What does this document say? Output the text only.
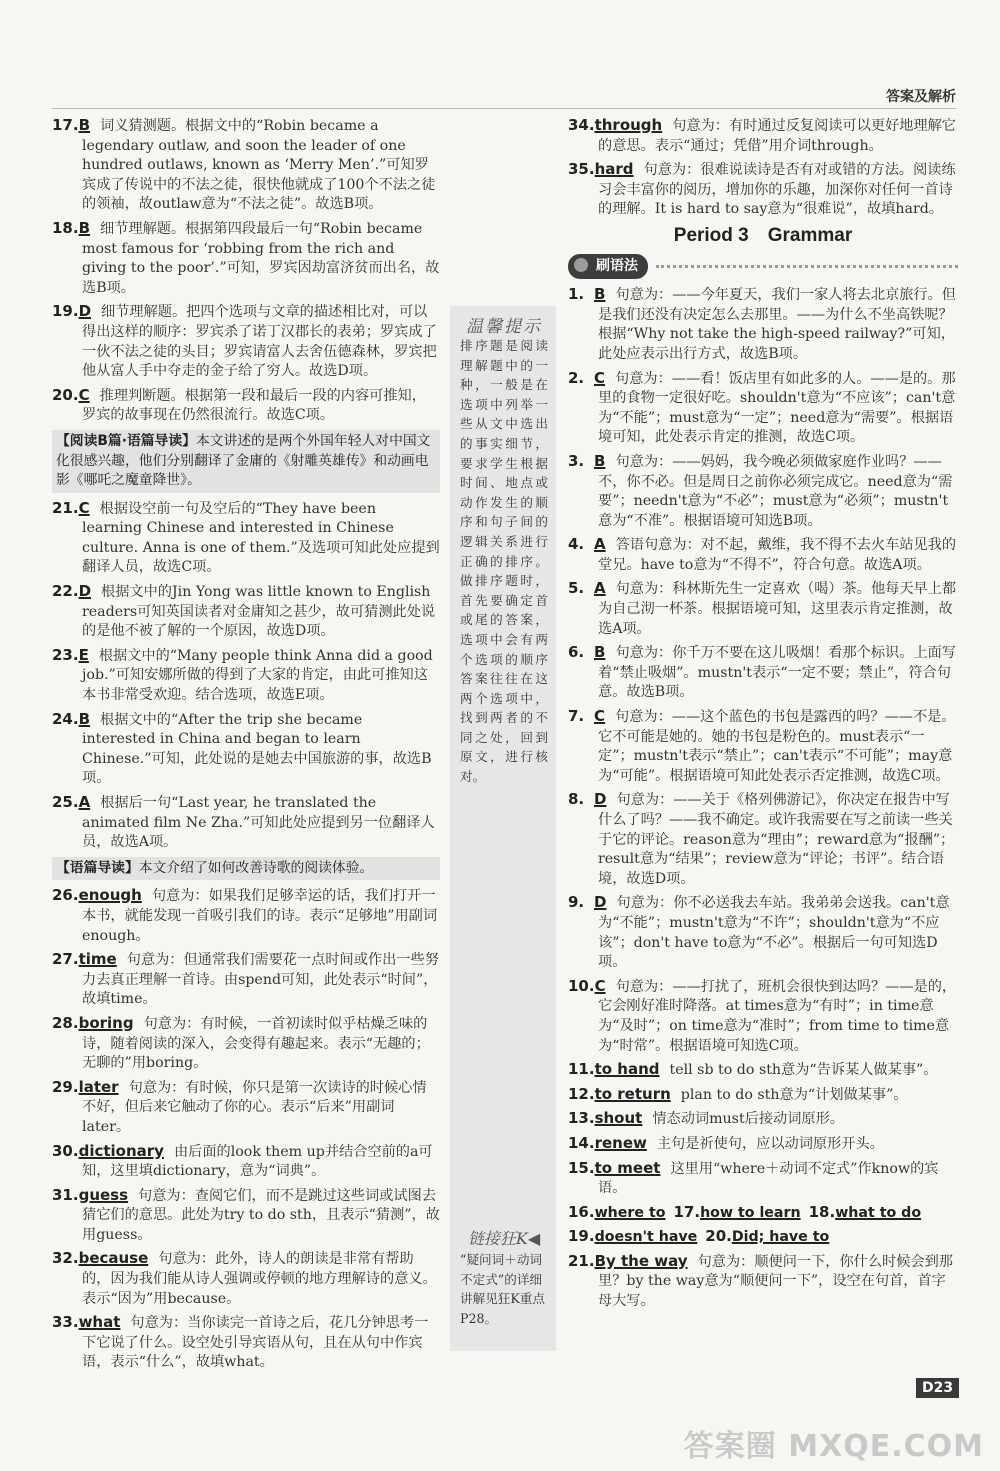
答案及解析
17.B 词义猜测题。根据文中的“Robin became a legendary outlaw, and soon the leader of one hundred outlaws, known as ‘Merry Men’.”可知罗宾成了传说中的不法之徒，很快他就成了100个不法之徒的领袖，故outlaw意为“不法之徒”。故选B项。
18.B 细节理解题。根据第四段最后一句“Robin became most famous for ‘robbing from the rich and giving to the poor’.”可知，罗宾因劫富济贫而出名，故选B项。
19.D 细节理解题。把四个选项与文章的描述相比对，可以得出这样的顺序：罗宾杀了诺丁汉郡长的表弟；罗宾成了一伙不法之徒的头目；罗宾请富人去舍伍德森林，罗宾把他从富人手中夺走的金子给了穷人。故选D项。
20.C 推理判断题。根据第一段和最后一段的内容可推知，罗宾的故事现在仍然很流行。故选C项。
【阅读B篇·语篇导读】本文讲述的是两个外国年轻人对中国文化很感兴趣，他们分别翻译了金庸的《射雕英雄传》和动画电影《哪吒之魔童降世》。
21.C 根据设空前一句及空后的“They have been learning Chinese and interested in Chinese culture. Anna is one of them.”及选项可知此处应提到翻译人员，故选C项。
22.D 根据文中的Jin Yong was little known to English readers可知英国读者对金庸知之甚少，故可猜测此处说的是他不被了解的一个原因，故选D项。
23.E 根据文中的“Many people think Anna did a good job.”可知安娜所做的得到了大家的肯定，由此可推知这本书非常受欢迎。结合选项，故选E项。
24.B 根据文中的“After the trip she became interested in China and began to learn Chinese.”可知，此处说的是她去中国旅游的事，故选B项。
25.A 根据后一句“Last year, he translated the animated film Ne Zha.”可知此处应提到另一位翻译人员，故选A项。
【语篇导读】本文介绍了如何改善诗歌的阅读体验。
26.enough 句意为：如果我们足够幸运的话，我们打开一本书，就能发现一首吸引我们的诗。表示“足够地”用副词enough。
27.time 句意为：但通常我们需要花一点时间或作出一些努力去真正理解一首诗。由spend可知，此处表示“时间”，故填time。
28.boring 句意为：有时候，一首初读时似乎枯燥乏味的诗，随着阅读的深入，会变得有趣起来。表示“无趣的；无聊的”用boring。
29.later 句意为：有时候，你只是第一次读诗的时候心情不好，但后来它触动了你的心。表示“后来”用副词later。
30.dictionary 由后面的look them up并结合空前的a可知，这里填dictionary，意为“词典”。
31.guess 句意为：查阅它们，而不是跳过这些词或试图去猜它们的意思。此处为try to do sth，且表示“猜测”，故用guess。
32.because 句意为：此外，诗人的朗读是非常有帮助的，因为我们能从诗人强调或停顿的地方理解诗的意义。表示“因为”用because。
33.what 句意为：当你读完一首诗之后，花几分钟思考一下它说了什么。设空处引导宾语从句，且在从句中作宾语，表示“什么”，故填what。
温馨提示
排序题是阅读理解题中的一种，一般是在选项中列举一些从文中选出的事实细节，要求学生根据时间、地点或动作发生的顺序和句子间的逻辑关系进行正确的排序。做排序题时，首先要确定首或尾的答案，选项中会有两个选项的顺序答案往往在这两个选项中，找到两者的不同之处，回到原文，进行核对。
链接狂K◀
“疑问词＋动词不定式”的详细讲解见狂K重点P28。
34.through 句意为：有时通过反复阅读可以更好地理解它的意思。表示“通过；凭借”用介词through。
35.hard 句意为：很难说读诗是否有对或错的方法。阅读练习会丰富你的阅历，增加你的乐趣，加深你对任何一首诗的理解。It is hard to say意为“很难说”，故填hard。
Period 3　Grammar
刷语法
1. B 句意为：——今年夏天，我们一家人将去北京旅行。但是我们还没有决定怎么去那里。——为什么不坐高铁呢？根据“Why not take the high-speed railway?”可知，此处应表示出行方式，故选B项。
2. C 句意为：——看！饭店里有如此多的人。——是的。那里的食物一定很好吃。shouldn't意为“不应该”；can't意为“不能”；must意为“一定”；need意为“需要”。根据语境可知，此处表示肯定的推测，故选C项。
3. B 句意为：——妈妈，我今晚必须做家庭作业吗？——不，你不必。但是周日之前你必须完成它。need意为“需要”；needn't意为“不必”；must意为“必须”；mustn't意为“不准”。根据语境可知选B项。
4. A 答语句意为：对不起，戴维，我不得不去火车站见我的堂兄。have to意为“不得不”，符合句意。故选A项。
5. A 句意为：科林斯先生一定喜欢（喝）茶。他每天早上都为自己沏一杯茶。根据语境可知，这里表示肯定推测，故选A项。
6. B 句意为：你千万不要在这儿吸烟！看那个标识。上面写着“禁止吸烟”。mustn't表示“一定不要；禁止”，符合句意。故选B项。
7. C 句意为：——这个蓝色的书包是露西的吗？——不是。它不可能是她的。她的书包是粉色的。must表示“一定”；mustn't表示“禁止”；can't表示“不可能”；may意为“可能”。根据语境可知此处表示否定推测，故选C项。
8. D 句意为：——关于《格列佛游记》，你决定在报告中写什么了吗？——我不确定。或许我需要在写之前读一些关于它的评论。reason意为“理由”；reward意为“报酬”；result意为“结果”；review意为“评论；书评”。结合语境，故选D项。
9. D 句意为：你不必送我去车站。我弟弟会送我。can't意为“不能”；mustn't意为“不许”；shouldn't意为“不应该”；don't have to意为“不必”。根据后一句可知选D项。
10.C 句意为：——打扰了，班机会很快到达吗？——是的，它会刚好准时降落。at times意为“有时”；in time意为“及时”；on time意为“准时”；from time to time意为“时常”。根据语境可知选C项。
11.to hand tell sb to do sth意为“告诉某人做某事”。
12.to return plan to do sth意为“计划做某事”。
13.shout 情态动词must后接动词原形。
14.renew 主句是祈使句，应以动词原形开头。
15.to meet 这里用“where＋动词不定式”作know的宾语。
16.where to 17.how to learn 18.what to do
19.doesn't have 20.Did; have to
21.By the way 句意为：顺便问一下，你什么时候会到那里？by the way意为“顺便问一下”，设空在句首，首字母大写。
D23
答案圈 MXQE.COM
